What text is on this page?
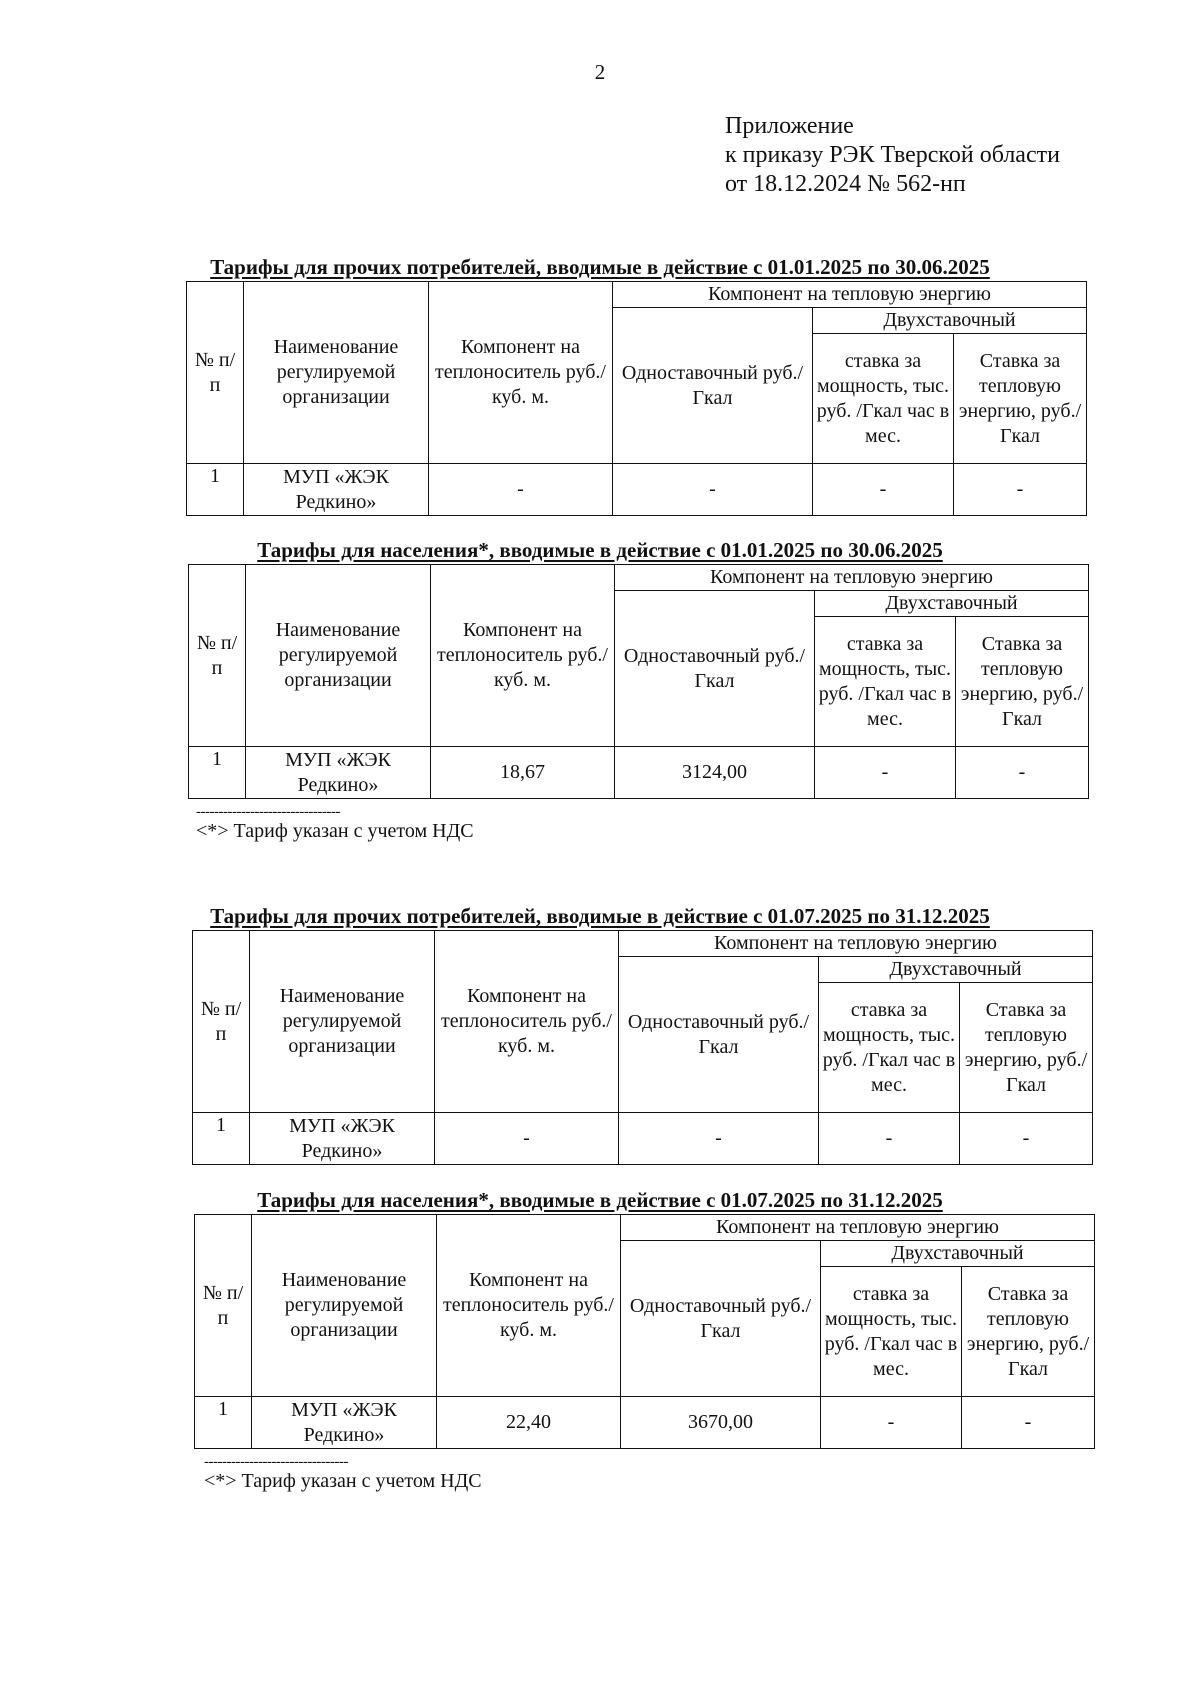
2
Приложение
к приказу РЭК Тверской области
от 18.12.2024 № 562-нп
Тарифы для прочих потребителей, вводимые в действие с 01.01.2025 по 30.06.2025
№ п/п	Наименование регулируемой организации	Компонент на теплоноситель руб./куб. м.	Компонент на тепловую энергию		
			Одноставочный руб./Гкал	Двухставочный	
				ставка за мощность, тыс. руб. /Гкал час в мес.	Ставка за тепловую энергию, руб./Гкал
1	МУП «ЖЭК Редкино»	-	-	-	-
Тарифы для населения*, вводимые в действие с 01.01.2025 по 30.06.2025
№ п/п	Наименование регулируемой организации	Компонент на теплоноситель руб./куб. м.	Компонент на тепловую энергию		
			Одноставочный руб./Гкал	Двухставочный	
				ставка за мощность, тыс. руб. /Гкал час в мес.	Ставка за тепловую энергию, руб./Гкал
1	МУП «ЖЭК Редкино»	18,67	3124,00	-	-
--------------------------------
<*> Тариф указан с учетом НДС
Тарифы для прочих потребителей, вводимые в действие с 01.07.2025 по 31.12.2025
№ п/п	Наименование регулируемой организации	Компонент на теплоноситель руб./куб. м.	Компонент на тепловую энергию		
			Одноставочный руб./Гкал	Двухставочный	
				ставка за мощность, тыс. руб. /Гкал час в мес.	Ставка за тепловую энергию, руб./Гкал
1	МУП «ЖЭК Редкино»	-	-	-	-
Тарифы для населения*, вводимые в действие с 01.07.2025 по 31.12.2025
№ п/п	Наименование регулируемой организации	Компонент на теплоноситель руб./куб. м.	Компонент на тепловую энергию		
			Одноставочный руб./Гкал	Двухставочный	
				ставка за мощность, тыс. руб. /Гкал час в мес.	Ставка за тепловую энергию, руб./Гкал
1	МУП «ЖЭК Редкино»	22,40	3670,00	-	-
--------------------------------
<*> Тариф указан с учетом НДС
